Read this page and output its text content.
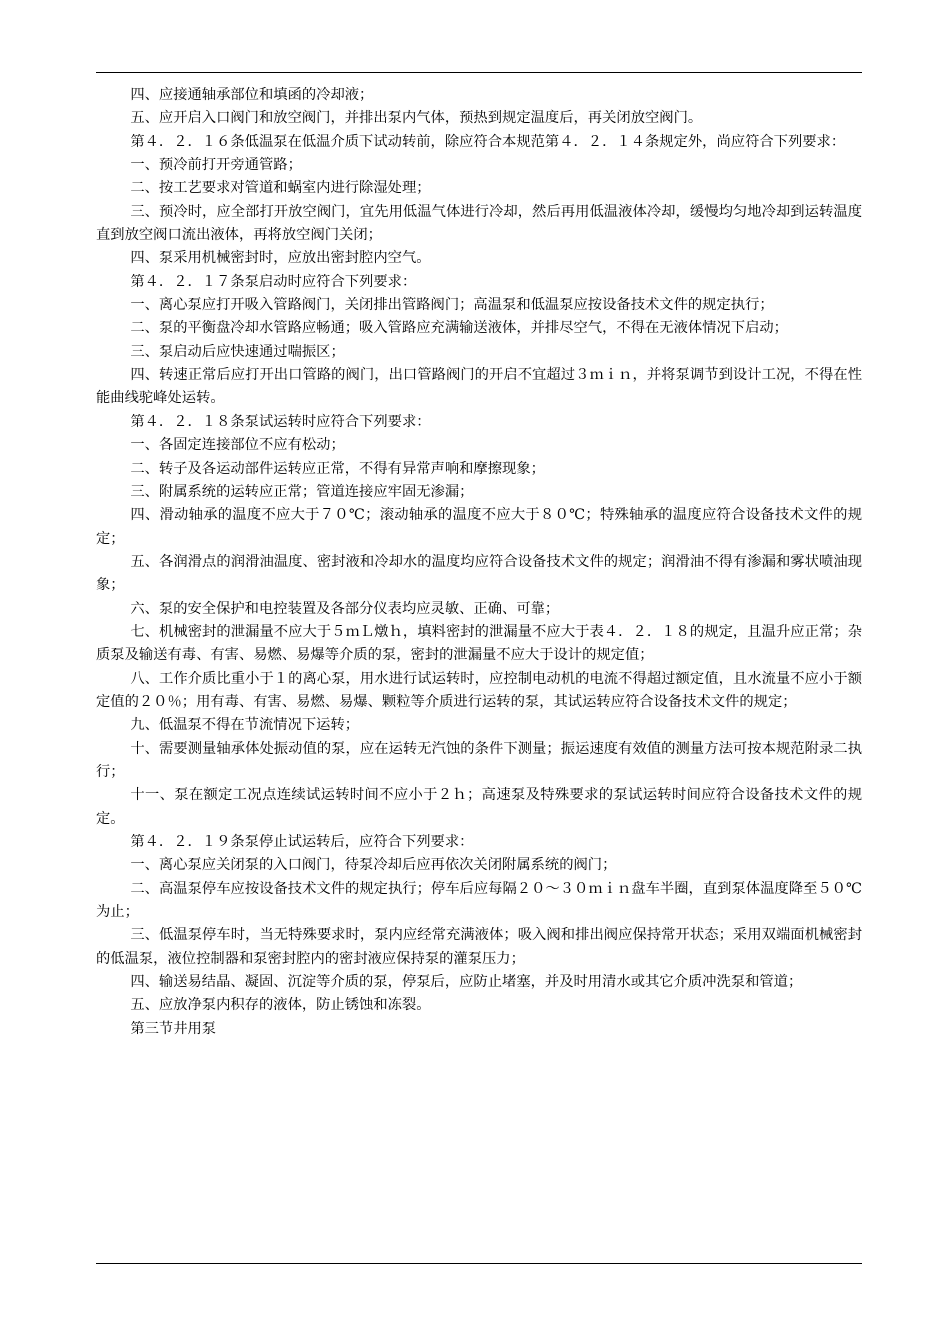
四、应接通轴承部位和填函的冷却液；

五、应开启入口阀门和放空阀门，并排出泵内气体，预热到规定温度后，再关闭放空阀门。

第４．２．１６条低温泵在低温介质下试动转前，除应符合本规范第４．２．１４条规定外，尚应符合下列要求：

一、预冷前打开旁通管路；

二、按工艺要求对管道和蜗室内进行除湿处理；

三、预冷时，应全部打开放空阀门，宜先用低温气体进行冷却，然后再用低温液体冷却，缓慢均匀地冷却到运转温度直到放空阀口流出液体，再将放空阀门关闭；

四、泵采用机械密封时，应放出密封腔内空气。

第４．２．１７条泵启动时应符合下列要求：

一、离心泵应打开吸入管路阀门，关闭排出管路阀门；高温泵和低温泵应按设备技术文件的规定执行；

二、泵的平衡盘冷却水管路应畅通；吸入管路应充满输送液体，并排尽空气，不得在无液体情况下启动；

三、泵启动后应快速通过喘振区；

四、转速正常后应打开出口管路的阀门，出口管路阀门的开启不宜超过３ｍｉｎ，并将泵调节到设计工况，不得在性能曲线驼峰处运转。

第４．２．１８条泵试运转时应符合下列要求：

一、各固定连接部位不应有松动；

二、转子及各运动部件运转应正常，不得有异常声响和摩擦现象；

三、附属系统的运转应正常；管道连接应牢固无渗漏；

四、滑动轴承的温度不应大于７０℃；滚动轴承的温度不应大于８０℃；特殊轴承的温度应符合设备技术文件的规定；

五、各润滑点的润滑油温度、密封液和冷却水的温度均应符合设备技术文件的规定；润滑油不得有渗漏和雾状喷油现象；

六、泵的安全保护和电控装置及各部分仪表均应灵敏、正确、可靠；

七、机械密封的泄漏量不应大于５ｍＬ燉ｈ，填料密封的泄漏量不应大于表４．２．１８的规定，且温升应正常；杂质泵及输送有毒、有害、易燃、易爆等介质的泵，密封的泄漏量不应大于设计的规定值；

八、工作介质比重小于１的离心泵，用水进行试运转时，应控制电动机的电流不得超过额定值，且水流量不应小于额定值的２０％；用有毒、有害、易燃、易爆、颗粒等介质进行运转的泵，其试运转应符合设备技术文件的规定；

九、低温泵不得在节流情况下运转；

十、需要测量轴承体处振动值的泵，应在运转无汽蚀的条件下测量；振运速度有效值的测量方法可按本规范附录二执行；

十一、泵在额定工况点连续试运转时间不应小于２ｈ；高速泵及特殊要求的泵试运转时间应符合设备技术文件的规定。

第４．２．１９条泵停止试运转后，应符合下列要求：

一、离心泵应关闭泵的入口阀门，待泵冷却后应再依次关闭附属系统的阀门；

二、高温泵停车应按设备技术文件的规定执行；停车后应每隔２０～３０ｍｉｎ盘车半圈，直到泵体温度降至５０℃为止；

三、低温泵停车时，当无特殊要求时，泵内应经常充满液体；吸入阀和排出阀应保持常开状态；采用双端面机械密封的低温泵，液位控制器和泵密封腔内的密封液应保持泵的灌泵压力；

四、输送易结晶、凝固、沉淀等介质的泵，停泵后，应防止堵塞，并及时用清水或其它介质冲洗泵和管道；

五、应放净泵内积存的液体，防止锈蚀和冻裂。

第三节井用泵
